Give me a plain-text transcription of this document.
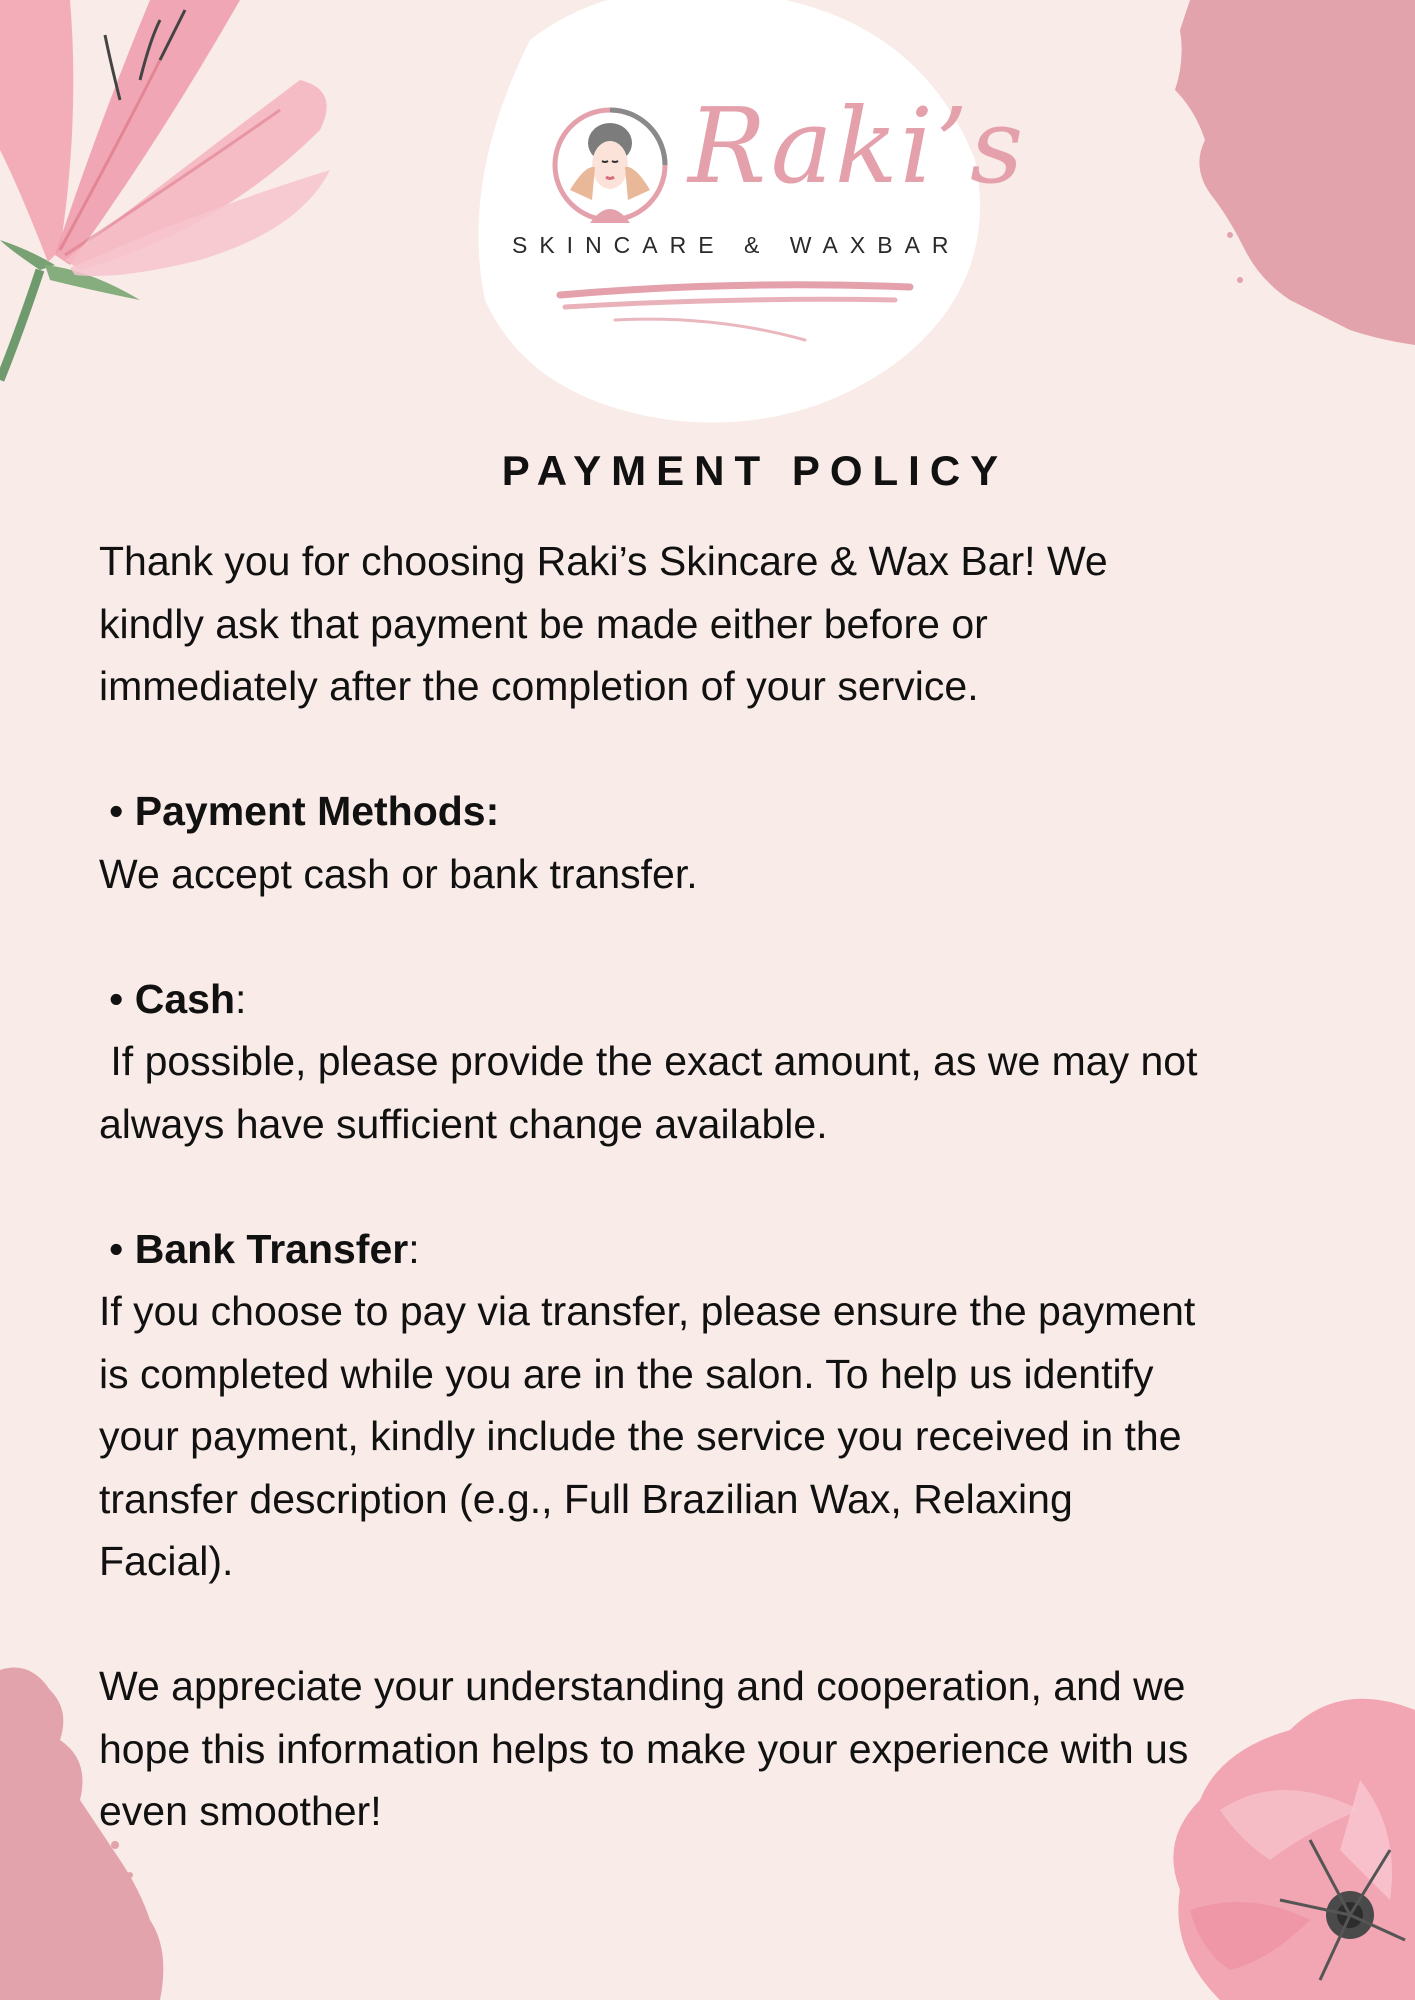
Raki’s
SKINCARE & WAXBAR
PAYMENT POLICY

Thank you for choosing Raki’s Skincare & Wax Bar! We

kindly ask that payment be made either before or

immediately after the completion of your service.

• Payment Methods:

We accept cash or bank transfer.

• Cash:

If possible, please provide the exact amount, as we may not

always have sufficient change available.

• Bank Transfer:

If you choose to pay via transfer, please ensure the payment

is completed while you are in the salon. To help us identify

your payment, kindly include the service you received in the

transfer description (e.g., Full Brazilian Wax, Relaxing

Facial).

We appreciate your understanding and cooperation, and we

hope this information helps to make your experience with us

even smoother!
